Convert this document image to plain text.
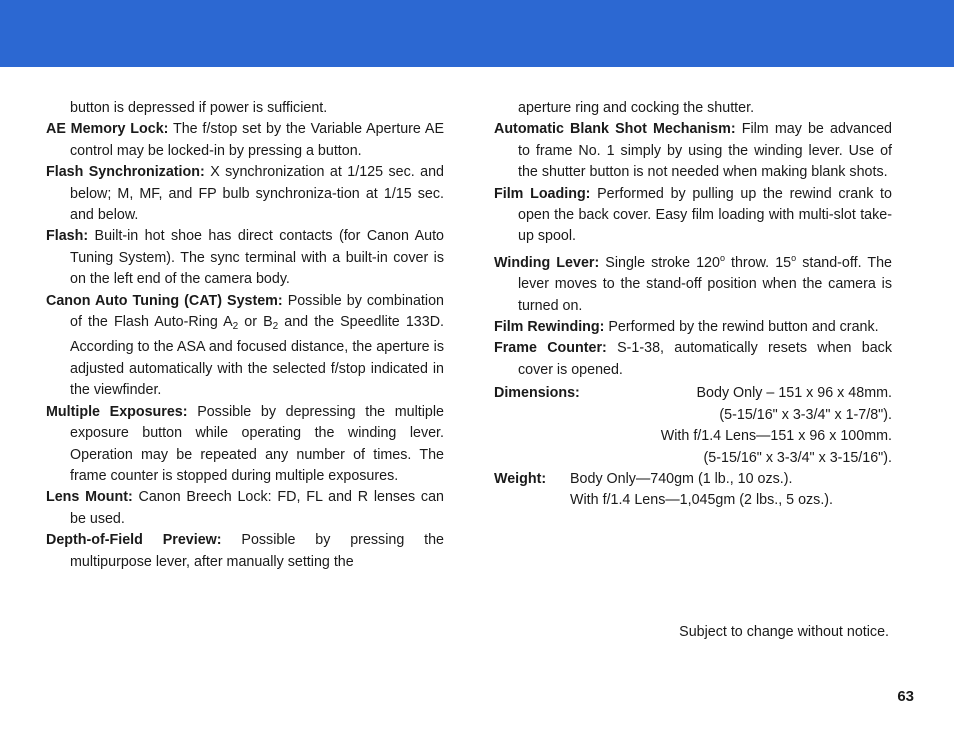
button is depressed if power is sufficient.

AE Memory Lock: The f/stop set by the Variable Aperture AE control may be locked-in by pressing a button.

Flash Synchronization: X synchronization at 1/125 sec. and below; M, MF, and FP bulb synchroniza-tion at 1/15 sec. and below.

Flash: Built-in hot shoe has direct contacts (for Canon Auto Tuning System). The sync terminal with a built-in cover is on the left end of the camera body.

Canon Auto Tuning (CAT) System: Possible by combination of the Flash Auto-Ring $A_2$ or $B_2$ and the Speedlite 133D. According to the ASA and focused distance, the aperture is adjusted automatically with the selected f/stop indicated in the viewfinder.

Multiple Exposures: Possible by depressing the multiple exposure button while operating the winding lever. Operation may be repeated any number of times. The frame counter is stopped during multiple exposures.

Lens Mount: Canon Breech Lock: FD, FL and R lenses can be used.

Depth-of-Field Preview: Possible by pressing the multipurpose lever, after manually setting the

aperture ring and cocking the shutter.

Automatic Blank Shot Mechanism: Film may be advanced to frame No. 1 simply by using the winding lever. Use of the shutter button is not needed when making blank shots.

Film Loading: Performed by pulling up the rewind crank to open the back cover. Easy film loading with multi-slot take-up spool.

Winding Lever: Single stroke 120$^o$ throw. 15$^o$ stand-off. The lever moves to the stand-off position when the camera is turned on.

Film Rewinding: Performed by the rewind button and crank.

Frame Counter: S-1-38, automatically resets when back cover is opened.

Dimensions:	Body Only – 151 x 96 x 48mm.

(5-15/16" x 3-3/4" x 1-7/8").

With f/1.4 Lens—151 x 96 x 100mm.

(5-15/16" x 3-3/4" x 3-15/16").

Weight:	Body Only—740gm (1 lb., 10 ozs.).
With f/1.4 Lens—1,045gm (2 lbs., 5 ozs.).
Subject to change without notice.
63
